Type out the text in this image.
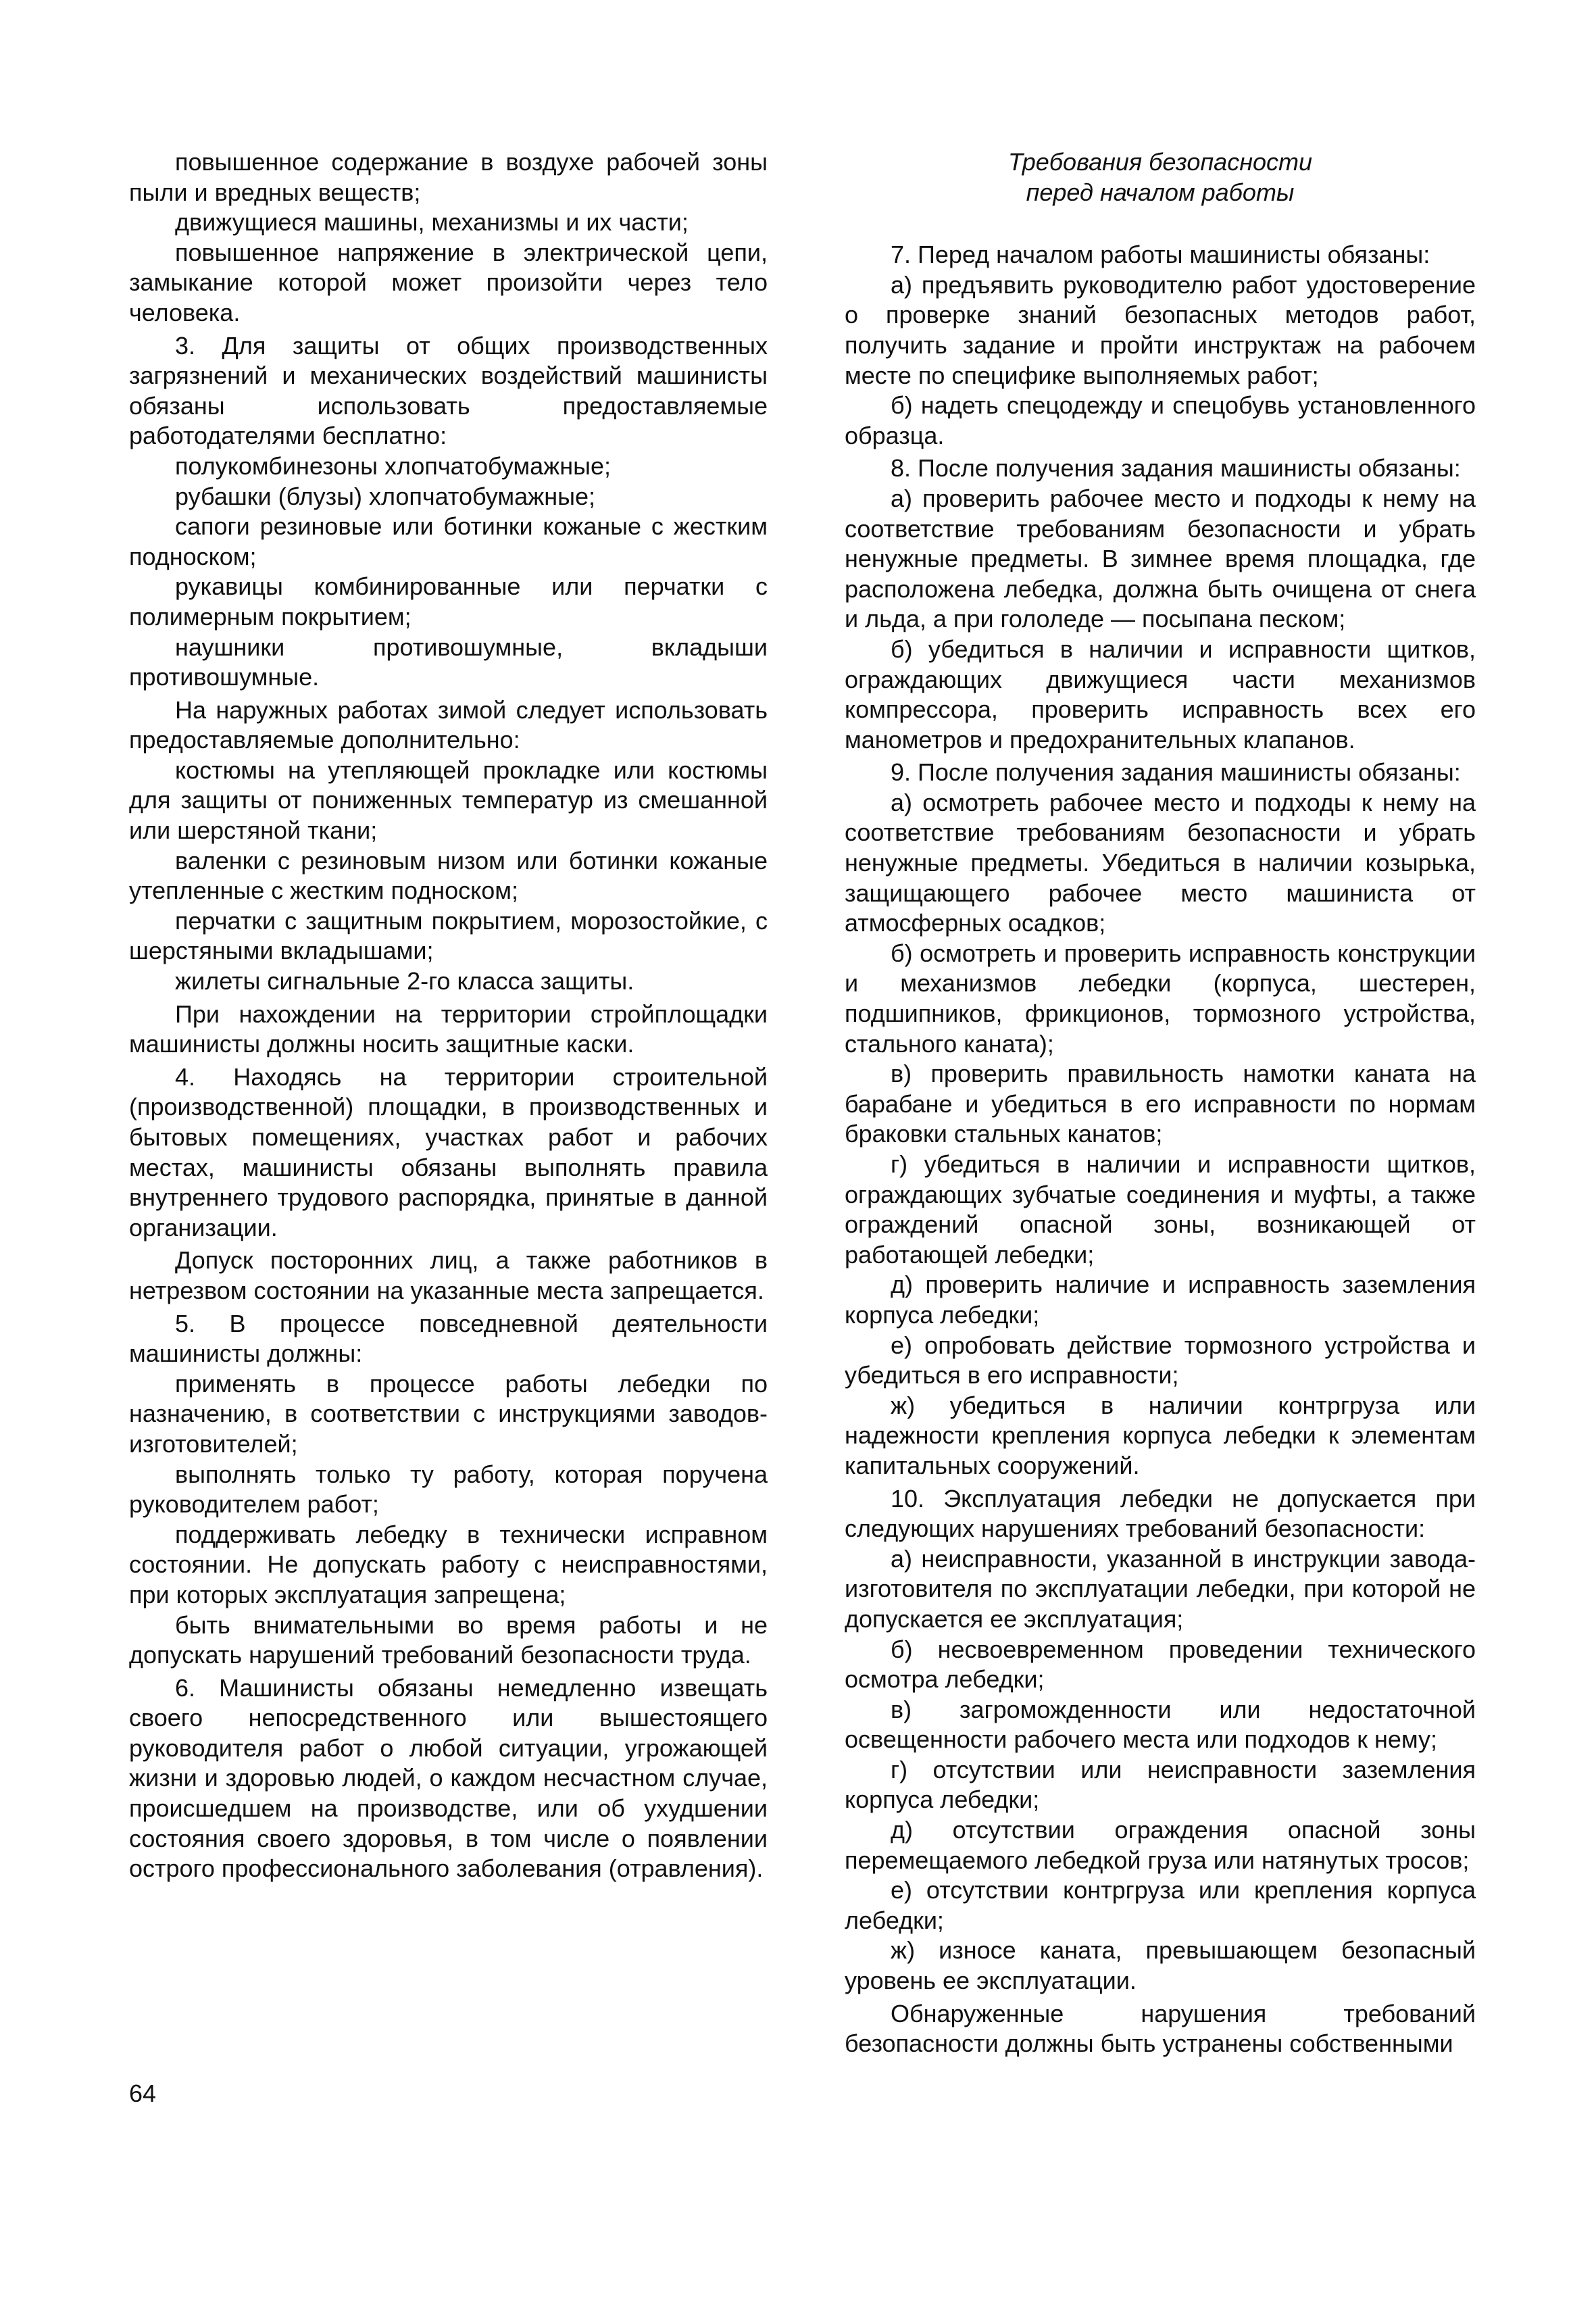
повышенное содержание в воздухе рабочей зоны пыли и вредных веществ;

движущиеся машины, механизмы и их части;

повышенное напряжение в электрической цепи, замыкание которой может произойти через тело человека.

3. Для защиты от общих производственных загрязнений и механических воздействий машинисты обязаны использовать предоставляемые работодателями бесплатно:

полукомбинезоны хлопчатобумажные;

рубашки (блузы) хлопчатобумажные;

сапоги резиновые или ботинки кожаные с жестким подноском;

рукавицы комбинированные или перчатки с полимерным покрытием;

наушники противошумные, вкладыши противошумные.

На наружных работах зимой следует использовать предоставляемые дополнительно:

костюмы на утепляющей прокладке или костюмы для защиты от пониженных температур из смешанной или шерстяной ткани;

валенки с резиновым низом или ботинки кожаные утепленные с жестким подноском;

перчатки с защитным покрытием, морозостойкие, с шерстяными вкладышами;

жилеты сигнальные 2-го класса защиты.

При нахождении на территории стройплощадки машинисты должны носить защитные каски.

4. Находясь на территории строительной (производственной) площадки, в производственных и бытовых помещениях, участках работ и рабочих местах, машинисты обязаны выполнять правила внутреннего трудового распорядка, принятые в данной организации.

Допуск посторонних лиц, а также работников в нетрезвом состоянии на указанные места запрещается.

5. В процессе повседневной деятельности машинисты должны:

применять в процессе работы лебедки по назначению, в соответствии с инструкциями заводов-изготовителей;

выполнять только ту работу, которая поручена руководителем работ;

поддерживать лебедку в технически исправном состоянии. Не допускать работу с неисправностями, при которых эксплуатация запрещена;

быть внимательными во время работы и не допускать нарушений требований безопасности труда.

6. Машинисты обязаны немедленно извещать своего непосредственного или вышестоящего руководителя работ о любой ситуации, угрожающей жизни и здоровью людей, о каждом несчастном случае, происшедшем на производстве, или об ухудшении состояния своего здоровья, в том числе о появлении острого профессионального заболевания (отравления).

Требования безопасности
перед началом работы

7. Перед началом работы машинисты обязаны:

а) предъявить руководителю работ удостоверение о проверке знаний безопасных методов работ, получить задание и пройти инструктаж на рабочем месте по специфике выполняемых работ;

б) надеть спецодежду и спецобувь установленного образца.

8. После получения задания машинисты обязаны:

а) проверить рабочее место и подходы к нему на соответствие требованиям безопасности и убрать ненужные предметы. В зимнее время площадка, где расположена лебедка, должна быть очищена от снега и льда, а при гололеде — посыпана песком;

б) убедиться в наличии и исправности щитков, ограждающих движущиеся части механизмов компрессора, проверить исправность всех его манометров и предохранительных клапанов.

9. После получения задания машинисты обязаны:

а) осмотреть рабочее место и подходы к нему на соответствие требованиям безопасности и убрать ненужные предметы. Убедиться в наличии козырька, защищающего рабочее место машиниста от атмосферных осадков;

б) осмотреть и проверить исправность конструкции и механизмов лебедки (корпуса, шестерен, подшипников, фрикционов, тормозного устройства, стального каната);

в) проверить правильность намотки каната на барабане и убедиться в его исправности по нормам браковки стальных канатов;

г) убедиться в наличии и исправности щитков, ограждающих зубчатые соединения и муфты, а также ограждений опасной зоны, возникающей от работающей лебедки;

д) проверить наличие и исправность заземления корпуса лебедки;

е) опробовать действие тормозного устройства и убедиться в его исправности;

ж) убедиться в наличии контргруза или надежности крепления корпуса лебедки к элементам капитальных сооружений.

10. Эксплуатация лебедки не допускается при следующих нарушениях требований безопасности:

а) неисправности, указанной в инструкции завода-изготовителя по эксплуатации лебедки, при которой не допускается ее эксплуатация;

б) несвоевременном проведении технического осмотра лебедки;

в) загроможденности или недостаточной освещенности рабочего места или подходов к нему;

г) отсутствии или неисправности заземления корпуса лебедки;

д) отсутствии ограждения опасной зоны перемещаемого лебедкой груза или натянутых тросов;

е) отсутствии контргруза или крепления корпуса лебедки;

ж) износе каната, превышающем безопасный уровень ее эксплуатации.

Обнаруженные нарушения требований безопасности должны быть устранены собственными

64
